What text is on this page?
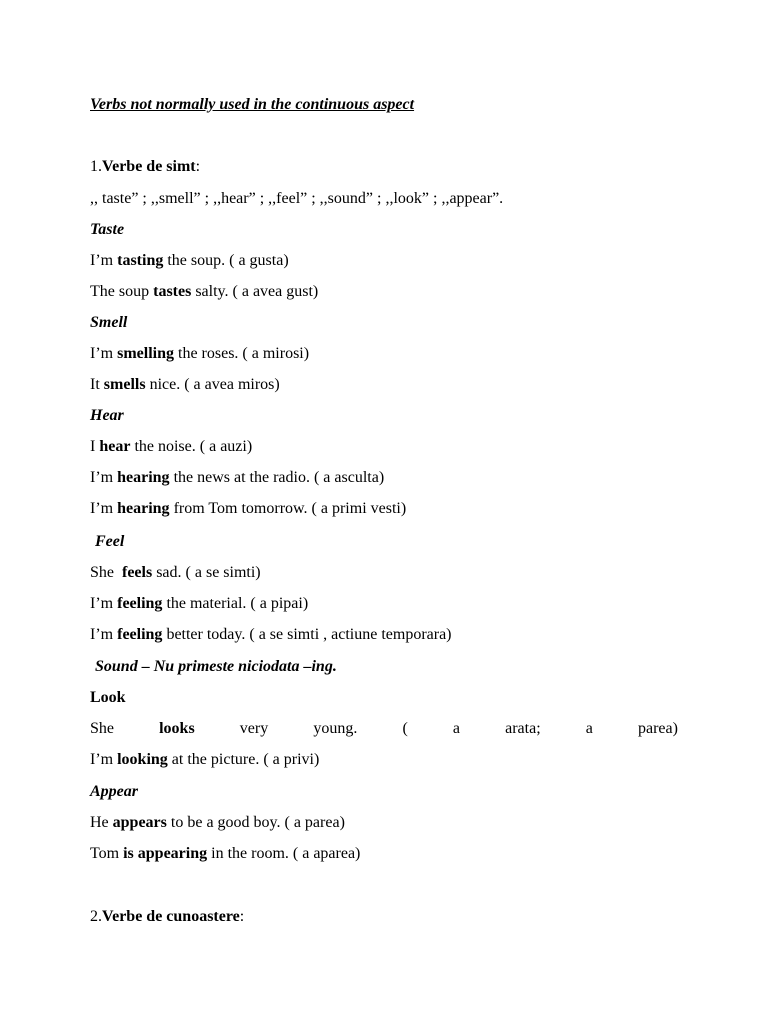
Verbs not normally used in the continuous aspect
1.Verbe de simt:
,, taste” ; ,,smell” ; ,,hear” ; ,,feel” ; ,,sound” ; ,,look” ; ,,appear”.
Taste
I’m tasting the soup. ( a gusta)
The soup tastes salty. ( a avea gust)
Smell
I’m smelling the roses. ( a mirosi)
It smells nice. ( a avea miros)
Hear
I hear the noise. ( a auzi)
I’m hearing the news at the radio. ( a asculta)
I’m hearing from Tom tomorrow. ( a primi vesti)
Feel
She  feels sad. ( a se simti)
I’m feeling the material. ( a pipai)
I’m feeling better today. ( a se simti , actiune temporara)
Sound – Nu primeste niciodata –ing.
Look
She	looks	very	young.	(	a	arata;	a	parea)
I’m looking at the picture. ( a privi)
Appear
He appears to be a good boy. ( a parea)
Tom is appearing in the room. ( a aparea)
2.Verbe de cunoastere:
